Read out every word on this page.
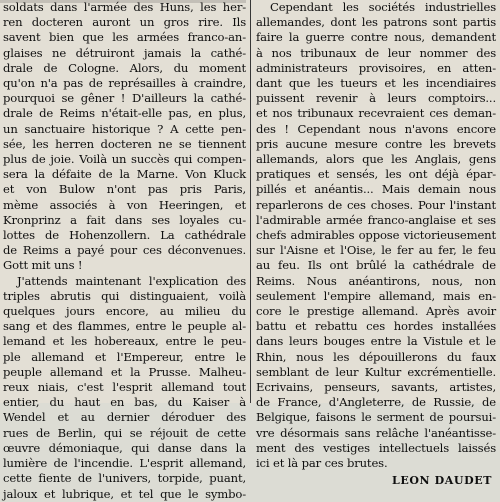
soldats dans l'armée des Huns, les her-
ren docteren auront un gros rire. Ils
savent bien que les armées franco-an-
glaises ne détruiront jamais la cathé-
drale de Cologne. Alors, du moment
qu'on n'a pas de représailles à craindre,
pourquoi se gêner ! D'ailleurs la cathé-
drale de Reims n'était-elle pas, en plus,
un sanctuaire historique ? A cette pen-
sée, les herren docteren ne se tiennent
plus de joie. Voilà un succès qui compen-
sera la défaite de la Marne. Von Kluck
et von Bulow n'ont pas pris Paris,
mème associés à von Heeringen, et
Kronprinz a fait dans ses loyales cu-
lottes de Hohenzollern. La cathédrale
de Reims a payé pour ces déconvenues.
Gott mit uns !
J'attends maintenant l'explication des
triples abrutis qui distinguaient, voilà
quelques jours encore, au milieu du
sang et des flammes, entre le peuple al-
lemand et les hobereaux, entre le peu-
ple allemand et l'Empereur, entre le
peuple allemand et la Prusse. Malheu-
reux niais, c'est l'esprit allemand tout
entier, du haut en bas, du Kaiser à
Wendel et au dernier déroduer des
rues de Berlin, qui se réjouit de cette
œuvre démoniaque, qui danse dans la
lumière de l'incendie. L'esprit allemand,
cette fiente de l'univers, torpide, puant,
jaloux et lubrique, et tel que le symbo-
Cependant les sociétés industrielles
allemandes, dont les patrons sont partis
faire la guerre contre nous, demandent
à nos tribunaux de leur nommer des
administrateurs provisoires, en atten-
dant que les tueurs et les incendiaires
puissent revenir à leurs comptoirs...
et nos tribunaux recevraient ces deman-
des ! Cependant nous n'avons encore
pris aucune mesure contre les brevets
allemands, alors que les Anglais, gens
pratiques et sensés, les ont déjà épar-
pillés et anéantis... Mais demain nous
reparlerons de ces choses. Pour l'instant
l'admirable armée franco-anglaise et ses
chefs admirables oppose victorieusement
sur l'Aisne et l'Oise, le fer au fer, le feu
au feu. Ils ont brûlé la cathédrale de
Reims. Nous anéantirons, nous, non
seulement l'empire allemand, mais en-
core le prestige allemand. Après avoir
battu et rebattu ces hordes installées
dans leurs bouges entre la Vistule et le
Rhin, nous les dépouillerons du faux
semblant de leur Kultur excrémentielle.
Ecrivains, penseurs, savants, artistes,
de France, d'Angleterre, de Russie, de
Belgique, faisons le serment de poursui-
vre désormais sans relâche l'anéantisse-
ment des vestiges intellectuels laissés
ici et là par ces brutes.
LEON DAUDET
